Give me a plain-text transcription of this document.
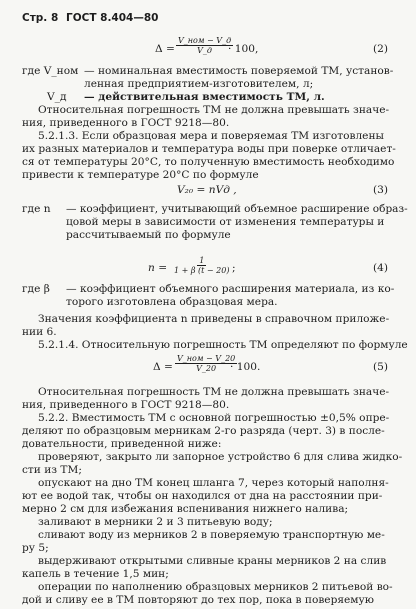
Стр. 8 ГОСТ 8.404—80
Δ =
V_ном − V_д
V_д · 100,	(2)
где V_ном — номинальная вместимость поверяемой ТМ, установ-
ленная предприятием-изготовителем, л;
V_д — действительная вместимость ТМ, л.
Относительная погрешность ТМ не должна превышать значе-
ния, приведенного в ГОСТ 9218—80.
5.2.1.3. Если образцовая мера и поверяемая ТМ изготовлены
их разных материалов и температура воды при поверке отличает-
ся от температуры 20°С, то полученную вместимость необходимо
привести к температуре 20°С по формуле
V₂₀ = nVд ,	(3)
где n — коэффициент, учитывающий объемное расширение образ-
цовой меры в зависимости от изменения температуры и
рассчитываемый по формуле
$n = \frac{1}{1 + \beta (t - 20)}$ ;	(4)
где β — коэффициент объемного расширения материала, из ко-
торого изготовлена образцовая мера.
Значения коэффициента n приведены в справочном приложе-
нии 6.
5.2.1.4. Относительную погрешность ТМ определяют по формуле
Δ =
V_ном − V_20
V_20 · 100.	(5)
Относительная погрешность ТМ не должна превышать значе-
ния, приведенного в ГОСТ 9218—80.
5.2.2. Вместимость ТМ с основной погрешностью ±0,5% опре-
деляют по образцовым мерникам 2-го разряда (черт. 3) в после-
довательности, приведенной ниже:
проверяют, закрыто ли запорное устройство 6 для слива жидко-
сти из ТМ;
опускают на дно ТМ конец шланга 7, через который наполня-
ют ее водой так, чтобы он находился от дна на расстоянии при-
мерно 2 см для избежания вспенивания нижнего налива;
заливают в мерники 2 и 3 питьевую воду;
сливают воду из мерников 2 в поверяемую транспортную ме-
ру 5;
выдерживают открытыми сливные краны мерников 2 на слив
капель в течение 1,5 мин;
операции по наполнению образцовых мерников 2 питьевой во-
дой и сливу ее в ТМ повторяют до тех пор, пока в поверяемую
